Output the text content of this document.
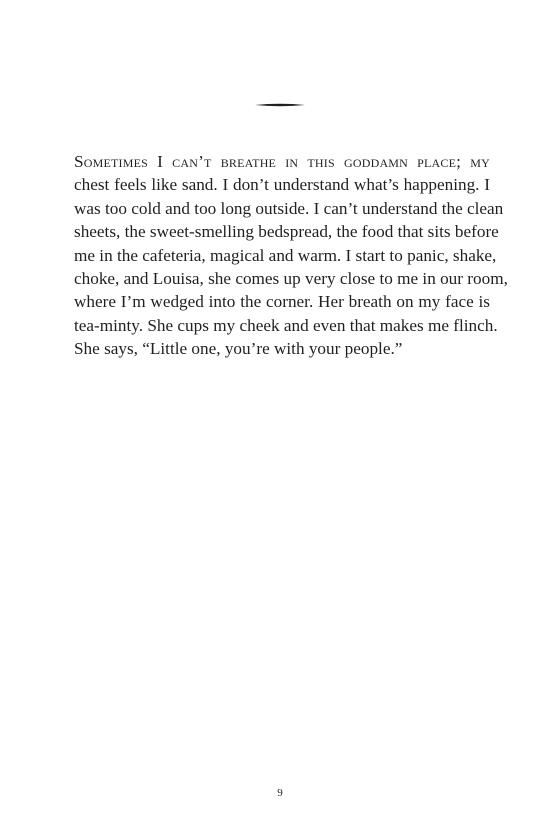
Sometimes I can’t breathe in this goddamn place; my
chest feels like sand. I don’t understand what’s happening. I
was too cold and too long outside. I can’t understand the clean
sheets, the sweet-smelling bedspread, the food that sits before
me in the cafeteria, magical and warm. I start to panic, shake,
choke, and Louisa, she comes up very close to me in our room,
where I’m wedged into the corner. Her breath on my face is
tea-minty. She cups my cheek and even that makes me flinch.
She says, “Little one, you’re with your people.”
9
